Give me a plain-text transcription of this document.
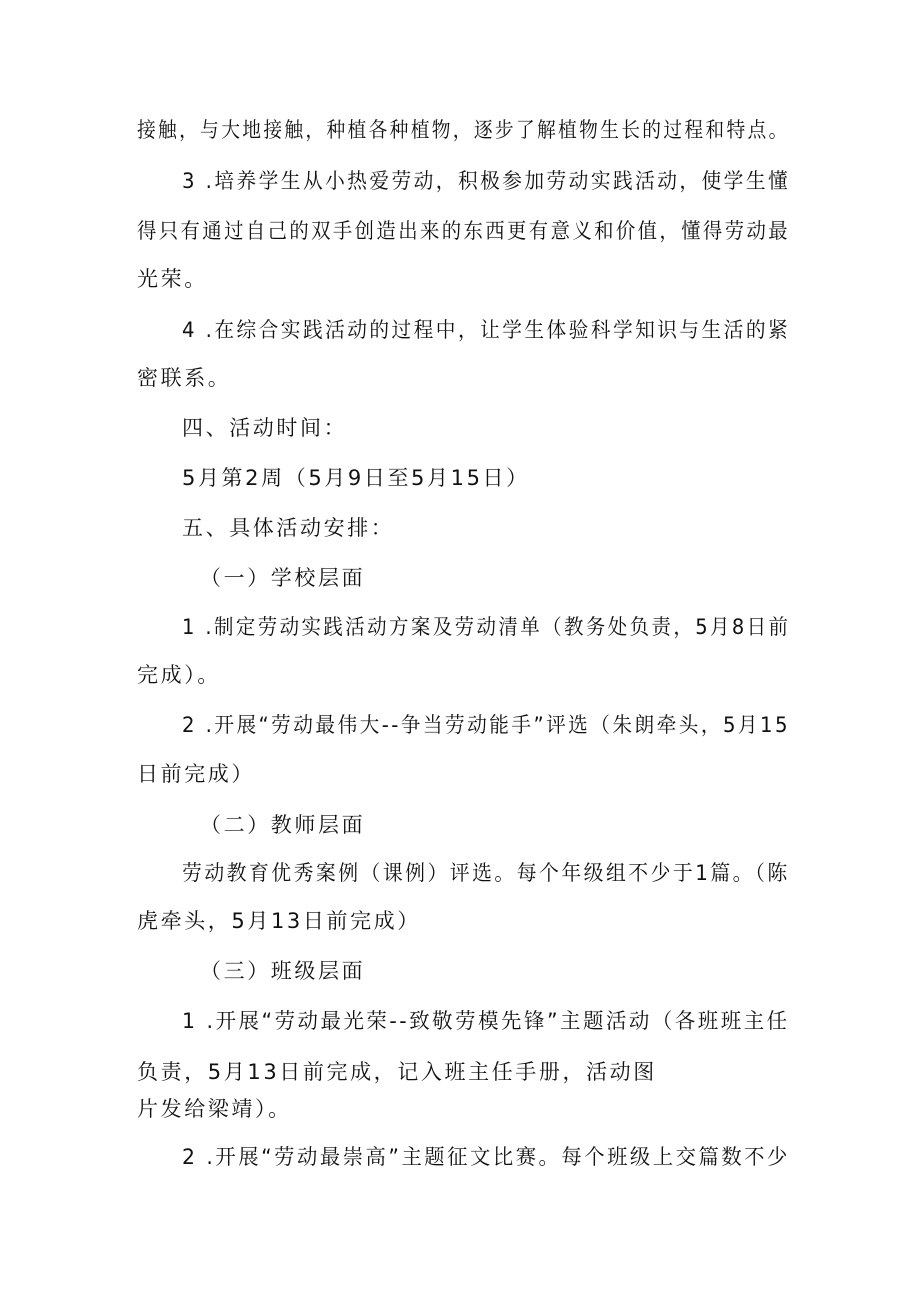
接触，与大地接触，种植各种植物，逐步了解植物生长的过程和特点。
3 .培养学生从小热爱劳动，积极参加劳动实践活动，使学生懂
得只有通过自己的双手创造出来的东西更有意义和价值，懂得劳动最
光荣。
4 .在综合实践活动的过程中，让学生体验科学知识与生活的紧
密联系。
四、活动时间：
5月第2周（5月9日至5月15日）
五、具体活动安排：
（一）学校层面
1 .制定劳动实践活动方案及劳动清单（教务处负责，5月8日前
完成）。
2 .开展“劳动最伟大--争当劳动能手”评选（朱朗牵头，5月15
日前完成）
（二）教师层面
劳动教育优秀案例（课例）评选。每个年级组不少于1篇。（陈
虎牵头，5月13日前完成）
（三）班级层面
1 .开展“劳动最光荣--致敬劳模先锋”主题活动（各班班主任
负责，5月13日前完成，记入班主任手册，活动图
片发给梁靖）。
2 .开展“劳动最崇高”主题征文比赛。每个班级上交篇数不少
